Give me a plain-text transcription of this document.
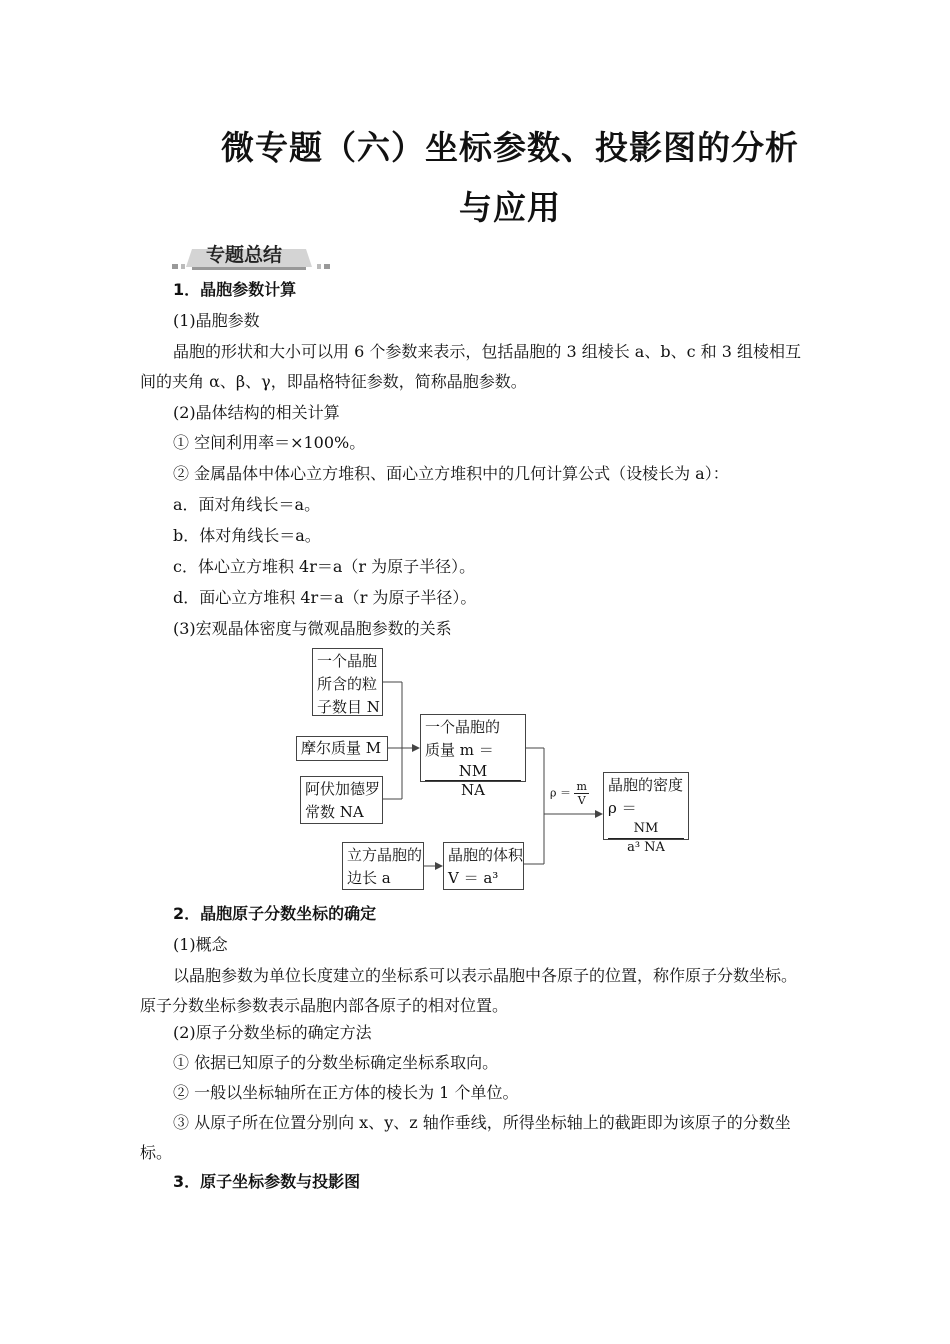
微专题（六）坐标参数、投影图的分析
与应用
专题总结
1．晶胞参数计算
(1)晶胞参数
晶胞的形状和大小可以用 6 个参数来表示，包括晶胞的 3 组棱长 a、b、c 和 3 组棱相互
间的夹角 α、β、γ，即晶格特征参数，简称晶胞参数。
(2)晶体结构的相关计算
① 空间利用率＝×100%。
② 金属晶体中体心立方堆积、面心立方堆积中的几何计算公式（设棱长为 a）：
a．面对角线长＝a。
b．体对角线长＝a。
c．体心立方堆积 4r＝a（r 为原子半径）。
d．面心立方堆积 4r＝a（r 为原子半径）。
(3)宏观晶体密度与微观晶胞参数的关系
一个晶胞
所含的粒
子数目 N
摩尔质量 M
阿伏加德罗
常数 NA
一个晶胞的
质量 m ＝
NM
NA
立方晶胞的
边长 a
晶胞的体积
V ＝ a³
$\rho = \frac{m}{V}$ 晶胞的密度
ρ ＝
NM
a³ NA
2．晶胞原子分数坐标的确定
(1)概念
以晶胞参数为单位长度建立的坐标系可以表示晶胞中各原子的位置，称作原子分数坐标。
原子分数坐标参数表示晶胞内部各原子的相对位置。
(2)原子分数坐标的确定方法
① 依据已知原子的分数坐标确定坐标系取向。
② 一般以坐标轴所在正方体的棱长为 1 个单位。
③ 从原子所在位置分别向 x、y、z 轴作垂线，所得坐标轴上的截距即为该原子的分数坐
标。
3．原子坐标参数与投影图
